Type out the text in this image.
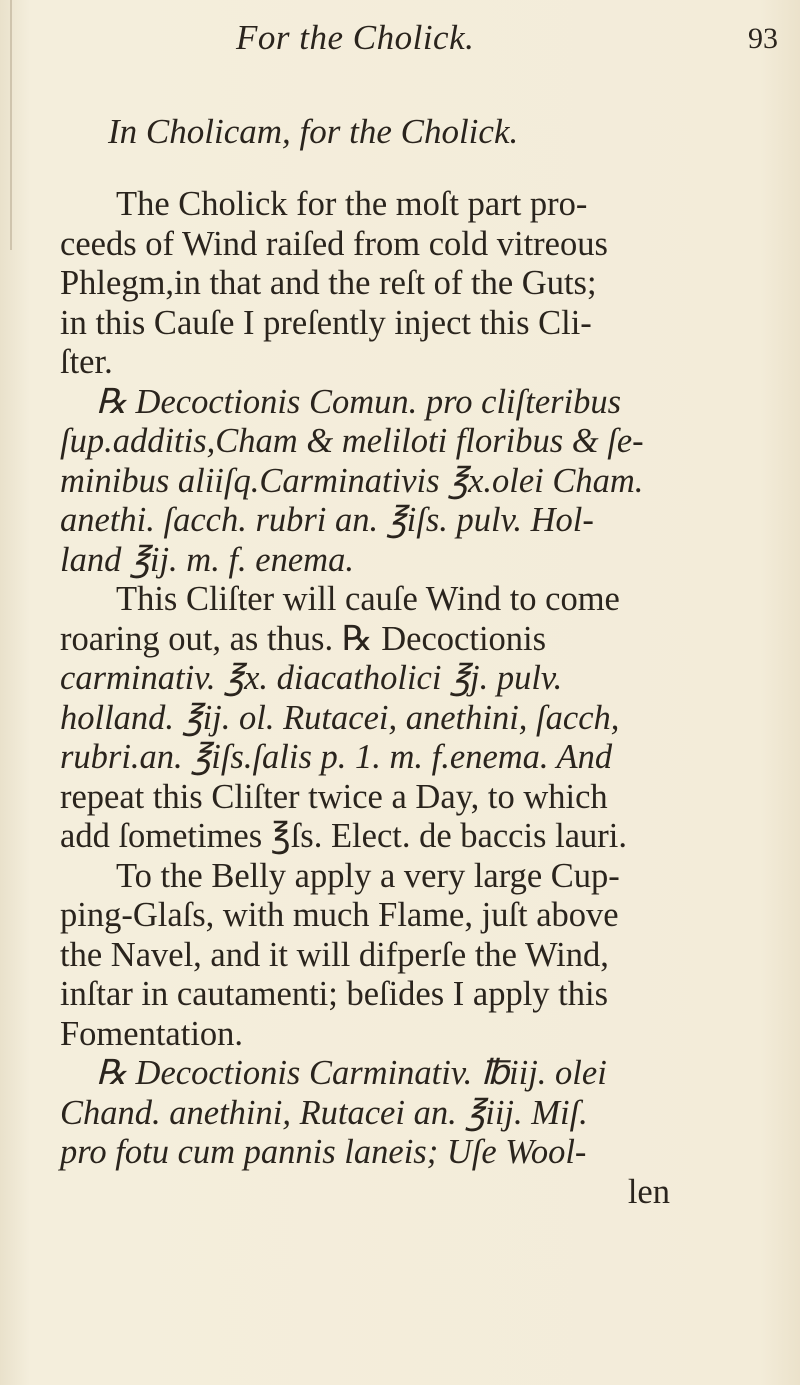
For the Cholick.	93
In Cholicam, for the Cholick.
The Cholick for the moſt part pro-
ceeds of Wind raiſed from cold vitreous
Phlegm,in that and the reſt of the Guts;
in this Cauſe I preſently inject this Cli-
ſter.
℞ Decoctionis Comun. pro cliſteribus
ſup.additis,Cham & meliloti floribus & ſe-
minibus aliiſq.Carminativis ℥x.olei Cham.
anethi. ſacch. rubri an. ℥iſs. pulv. Hol-
land ℥ij. m. f. enema.
This Cliſter will cauſe Wind to come
roaring out, as thus. ℞ Decoctionis
carminativ. ℥x. diacatholici ℥j. pulv.
holland. ℥ij. ol. Rutacei, anethini, ſacch,
rubri.an. ℥iſs.ſalis p. 1. m. f.enema. And
repeat this Cliſter twice a Day, to which
add ſometimes ℥ſs. Elect. de baccis lauri.
To the Belly apply a very large Cup-
ping-Glaſs, with much Flame, juſt above
the Navel, and it will difperſe the Wind,
inſtar in cautamenti; beſides I apply this
Fomentation.
℞ Decoctionis Carminativ. ℔iij. olei
Chand. anethini, Rutacei an. ℥iij. Miſ.
pro fotu cum pannis laneis; Uſe Wool-
len
